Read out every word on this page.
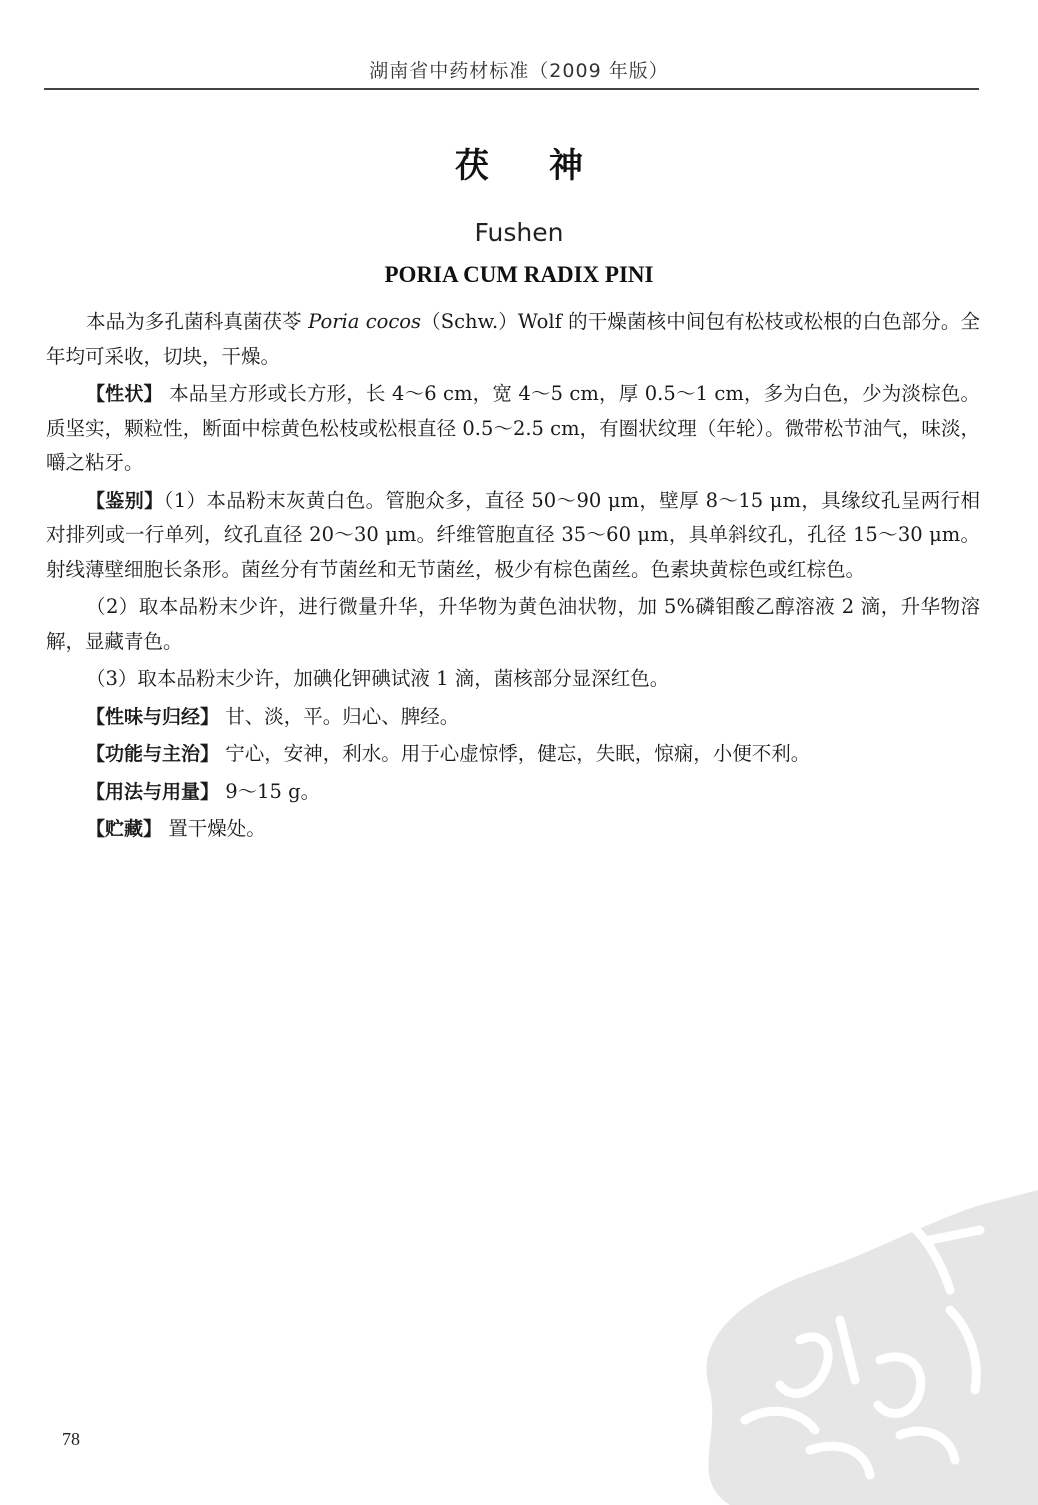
湖南省中药材标准（2009 年版）
茯 神
Fushen
PORIA CUM RADIX PINI

本品为多孔菌科真菌茯苓 Poria cocos（Schw.）Wolf 的干燥菌核中间包有松枝或松根的白色部分。全年均可采收，切块，干燥。

【性状】 本品呈方形或长方形，长 4～6 cm，宽 4～5 cm，厚 0.5～1 cm，多为白色，少为淡棕色。质坚实，颗粒性，断面中棕黄色松枝或松根直径 0.5～2.5 cm，有圈状纹理（年轮）。微带松节油气，味淡，嚼之粘牙。

【鉴别】（1）本品粉末灰黄白色。管胞众多，直径 50～90 μm，壁厚 8～15 μm，具缘纹孔呈两行相对排列或一行单列，纹孔直径 20～30 μm。纤维管胞直径 35～60 μm，具单斜纹孔，孔径 15～30 μm。射线薄壁细胞长条形。菌丝分有节菌丝和无节菌丝，极少有棕色菌丝。色素块黄棕色或红棕色。

（2）取本品粉末少许，进行微量升华，升华物为黄色油状物，加 5%磷钼酸乙醇溶液 2 滴，升华物溶解，显藏青色。

（3）取本品粉末少许，加碘化钾碘试液 1 滴，菌核部分显深红色。

【性味与归经】 甘、淡，平。归心、脾经。

【功能与主治】 宁心，安神，利水。用于心虚惊悸，健忘，失眠，惊痫，小便不利。

【用法与用量】 9～15 g。

【贮藏】 置干燥处。

78
